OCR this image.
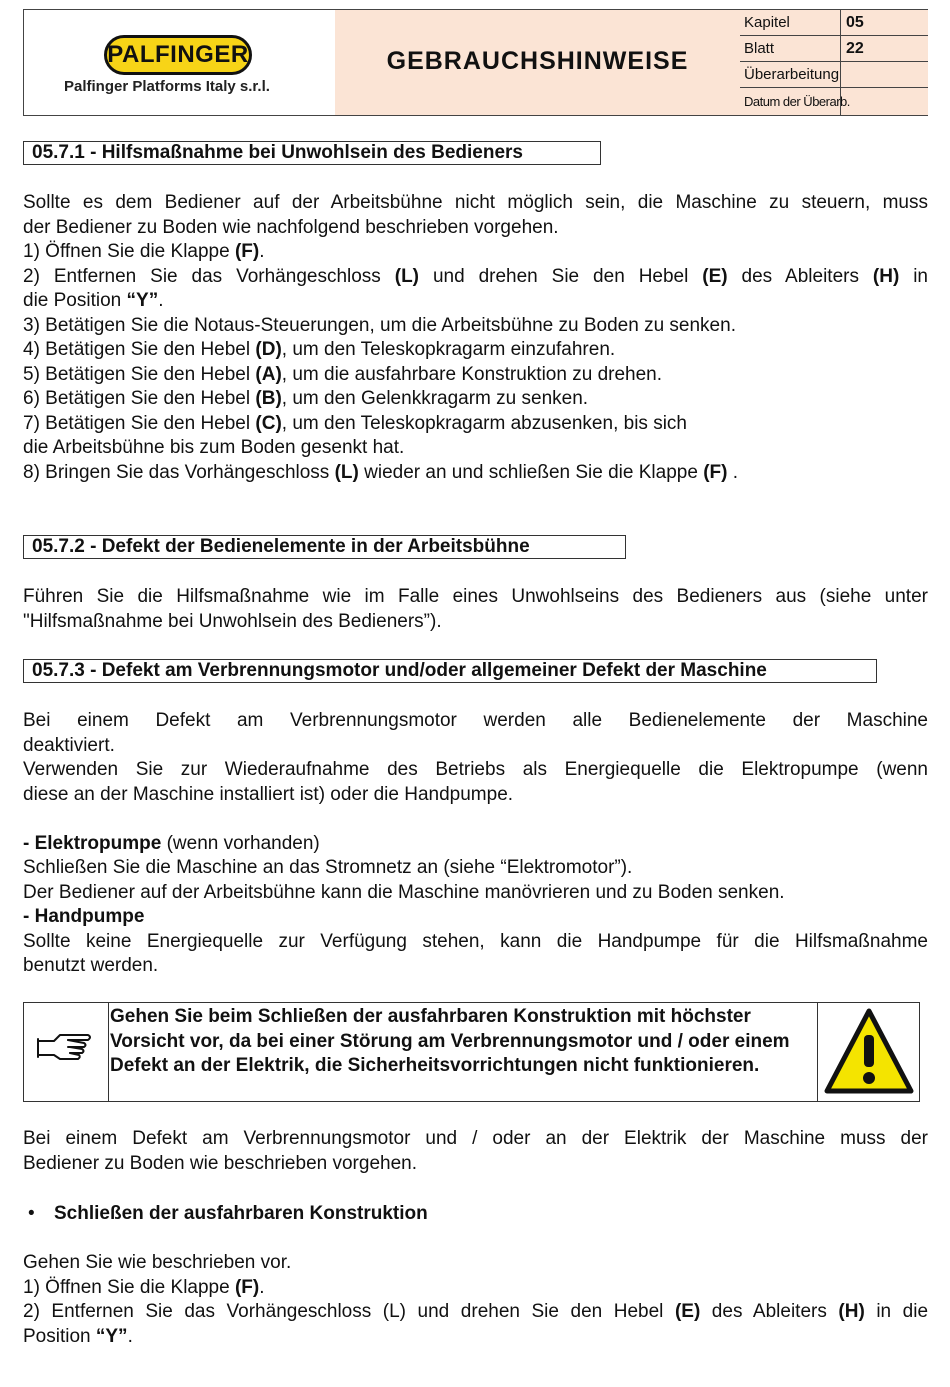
PALFINGER
Palfinger Platforms Italy s.r.l.
GEBRAUCHSHINWEISE
Kapitel	05
Blatt	22
Überarbeitung
Datum der Überarb.
05.7.1 - Hilfsmaßnahme bei Unwohlsein des Bedieners

Sollte es dem Bediener auf der Arbeitsbühne nicht möglich sein, die Maschine zu steuern, muss

der Bediener zu Boden wie nachfolgend beschrieben vorgehen.

1) Öffnen Sie die Klappe (F).

2) Entfernen Sie das Vorhängeschloss (L) und drehen Sie den Hebel (E) des Ableiters (H) in

die Position “Y”.

3) Betätigen Sie die Notaus-Steuerungen, um die Arbeitsbühne zu Boden zu senken.

4) Betätigen Sie den Hebel (D), um den Teleskopkragarm einzufahren.

5) Betätigen Sie den Hebel (A), um die ausfahrbare Konstruktion zu drehen.

6) Betätigen Sie den Hebel (B), um den Gelenkkragarm zu senken.

7) Betätigen Sie den Hebel (C), um den Teleskopkragarm abzusenken, bis sich

die Arbeitsbühne bis zum Boden gesenkt hat.

8) Bringen Sie das Vorhängeschloss (L) wieder an und schließen Sie die Klappe (F) .

05.7.2 - Defekt der Bedienelemente in der Arbeitsbühne

Führen Sie die Hilfsmaßnahme wie im Falle eines Unwohlseins des Bedieners aus (siehe unter

"Hilfsmaßnahme bei Unwohlsein des Bedieners”).

05.7.3 - Defekt am Verbrennungsmotor und/oder allgemeiner Defekt der Maschine

Bei einem Defekt am Verbrennungsmotor werden alle Bedienelemente der Maschine

deaktiviert.

Verwenden Sie zur Wiederaufnahme des Betriebs als Energiequelle die Elektropumpe (wenn

diese an der Maschine installiert ist) oder die Handpumpe.

- Elektropumpe (wenn vorhanden)

Schließen Sie die Maschine an das Stromnetz an (siehe “Elektromotor”).

Der Bediener auf der Arbeitsbühne kann die Maschine manövrieren und zu Boden senken.

- Handpumpe

Sollte keine Energiequelle zur Verfügung stehen, kann die Handpumpe für die Hilfsmaßnahme

benutzt werden.

Gehen Sie beim Schließen der ausfahrbaren Konstruktion mit höchster Vorsicht vor, da bei einer Störung am Verbrennungsmotor und / oder einem Defekt an der Elektrik, die Sicherheitsvorrichtungen nicht funktionieren.

Bei einem Defekt am Verbrennungsmotor und / oder an der Elektrik der Maschine muss der

Bediener zu Boden wie beschrieben vorgehen.

• Schließen der ausfahrbaren Konstruktion

Gehen Sie wie beschrieben vor.

1) Öffnen Sie die Klappe (F).

2) Entfernen Sie das Vorhängeschloss (L) und drehen Sie den Hebel (E) des Ableiters (H) in die

Position “Y”.
